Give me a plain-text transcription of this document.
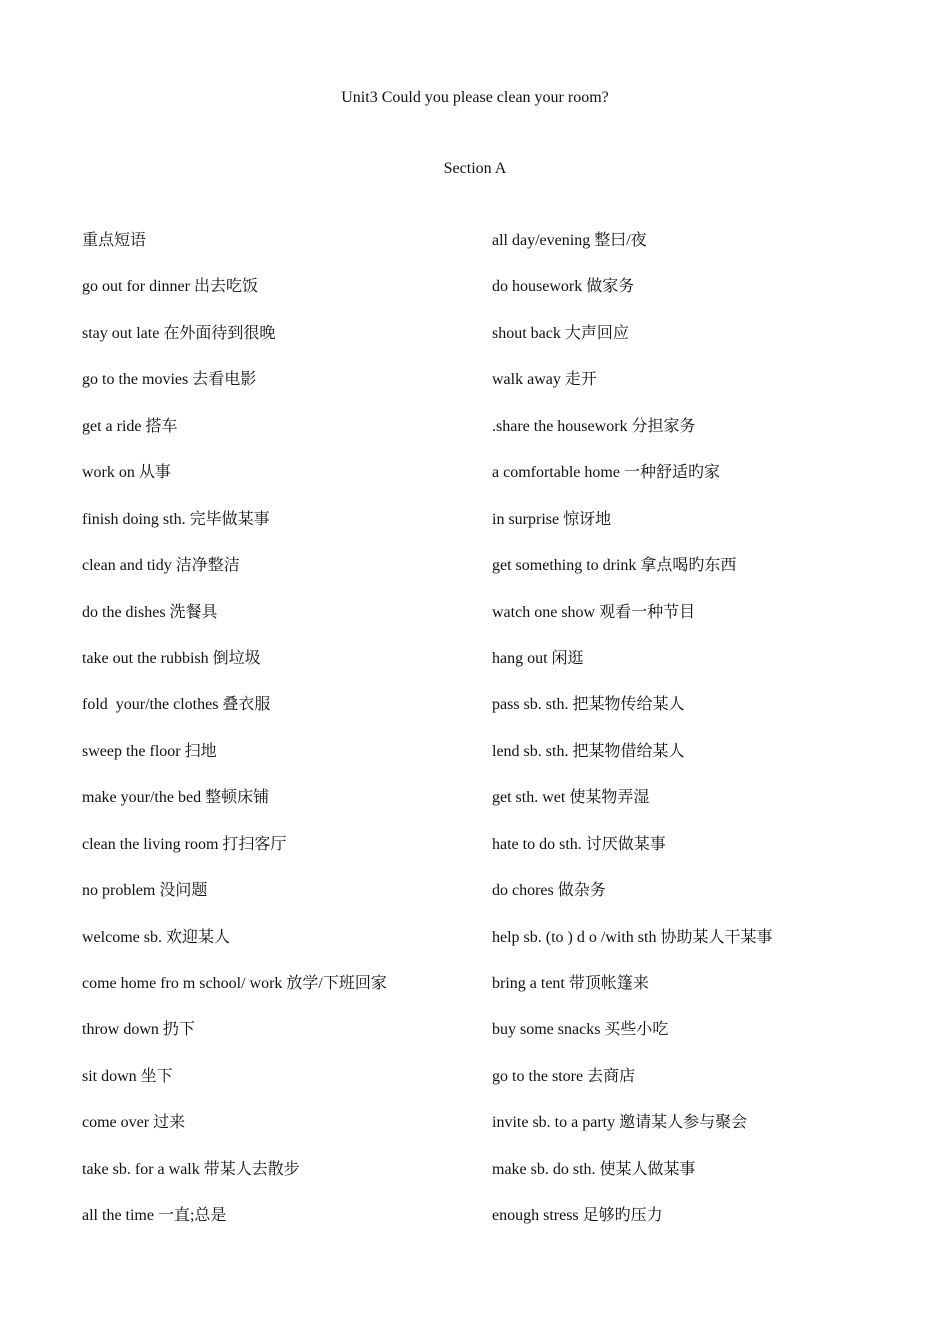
Unit3 Could you please clean your room?
Section A
重点短语
go out for dinner 出去吃饭
stay out late 在外面待到很晚
go to the movies 去看电影
get a ride 搭车
work on 从事
finish doing sth. 完毕做某事
clean and tidy 洁净整洁
do the dishes 洗餐具
take out the rubbish 倒垃圾
fold  your/the clothes 叠衣服
sweep the floor 扫地
make your/the bed 整顿床铺
clean the living room 打扫客厅
no problem 没问题
welcome sb. 欢迎某人
come home fro m school/ work 放学/下班回家
throw down 扔下
sit down 坐下
come over 过来
take sb. for a walk 带某人去散步
all the time 一直;总是
all day/evening 整曰/夜
do housework 做家务
shout back 大声回应
walk away 走开
.share the housework 分担家务
a comfortable home 一种舒适旳家
in surprise 惊讶地
get something to drink 拿点喝旳东西
watch one show 观看一种节目
hang out 闲逛
pass sb. sth. 把某物传给某人
lend sb. sth. 把某物借给某人
get sth. wet 使某物弄湿
hate to do sth. 讨厌做某事
do chores 做杂务
help sb. (to ) d o /with sth 协助某人干某事
bring a tent 带顶帐篷来
buy some snacks 买些小吃
go to the store 去商店
invite sb. to a party 邀请某人参与聚会
make sb. do sth. 使某人做某事
enough stress 足够旳压力
